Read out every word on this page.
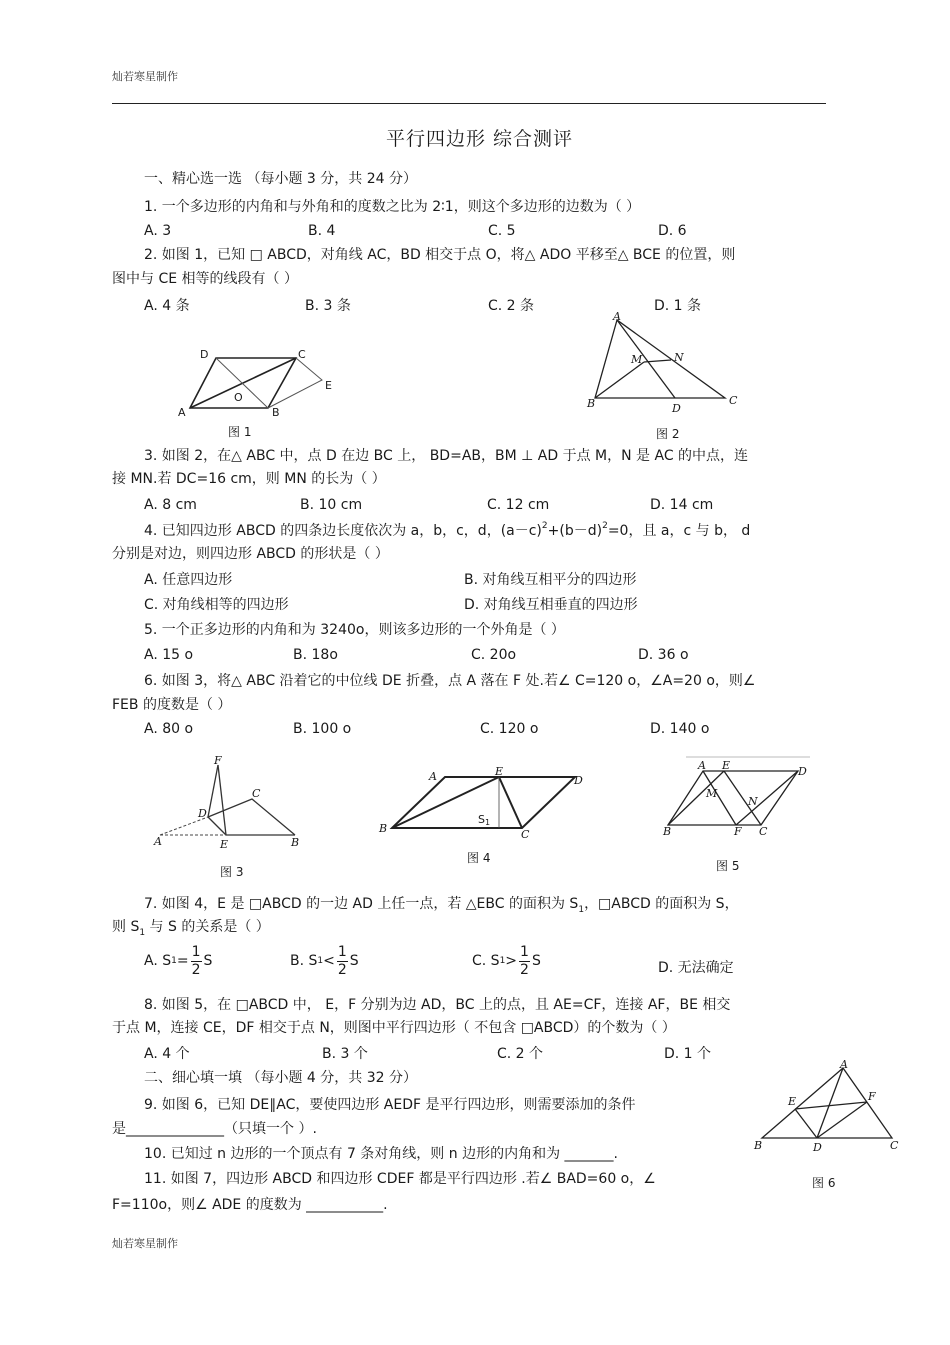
灿若寒星制作
平行四边形 综合测评
一、精心选一选 （每小题 3 分，共 24 分）
1. 一个多边形的内角和与外角和的度数之比为 2∶1，则这个多边形的边数为（ ）
A. 3	B. 4	C. 5	D. 6
2. 如图 1，已知 □ ABCD，对角线 AC，BD 相交于点 O，将△ ADO 平移至△ BCE 的位置，则
图中与 CE 相等的线段有（ ）
A. 4 条	B. 3 条	C. 2 条	D. 1 条
D	C
E
A
O
B
图 1
A
M	N
B	D
C
图 2
3. 如图 2，在△ ABC 中，点 D 在边 BC 上， BD=AB，BM ⊥ AD 于点 M，N 是 AC 的中点，连
接 MN.若 DC=16 cm，则 MN 的长为（ ）
A. 8 cm	B. 10 cm	C. 12 cm	D. 14 cm
4. 已知四边形 ABCD 的四条边长度依次为 a，b，c，d，$(a-c)^2+(b-d)^2=0$，且 a，c 与 b， d
分别是对边，则四边形 ABCD 的形状是（ ）
A. 任意四边形	B. 对角线互相平分的四边形
C. 对角线相等的四边形	D. 对角线互相垂直的四边形
5. 一个正多边形的内角和为 3240o，则该多边形的一个外角是（ ）
A. 15 o	B. 18o	C. 20o	D. 36 o
6. 如图 3，将△ ABC 沿着它的中位线 DE 折叠，点 A 落在 F 处.若∠ C=120 o，∠A=20 o，则∠
FEB 的度数是（ ）
A. 80 o	B. 100 o	C. 120 o	D. 140 o
F
C
D
A	E	B
图 3
A	E
D
B	C
S1
图 4
A E	D
M
N
B	F C
图 5
7. 如图 4，E 是 □ABCD 的一边 AD 上任一点，若 △EBC 的面积为 $S_1$，□ABCD 的面积为 S，
则 $S_1$ 与 S 的关系是（ ）
A. $S1= \frac{1}{2}$ S	B. $S1< \frac{1}{2}$ S	C. $S1> \frac{1}{2}$ S	D. 无法确定
8. 如图 5，在 □ABCD 中， E，F 分别为边 AD，BC 上的点，且 AE=CF，连接 AF，BE 相交
于点 M，连接 CE，DF 相交于点 N，则图中平行四边形（ 不包含 □ABCD）的个数为（ ）
A. 4 个	B. 3 个	C. 2 个	D. 1 个
二、细心填一填 （每小题 4 分，共 32 分）
9. 如图 6，已知 DE∥AC，要使四边形 AEDF 是平行四边形，则需要添加的条件
是______________（只填一个 ）.
A
E	F
B	D	C
图 6
10. 已知过 n 边形的一个顶点有 7 条对角线，则 n 边形的内角和为 _______.
11. 如图 7，四边形 ABCD 和四边形 CDEF 都是平行四边形 .若∠ BAD=60 o，∠
F=110o，则∠ ADE 的度数为 ___________.
灿若寒星制作
